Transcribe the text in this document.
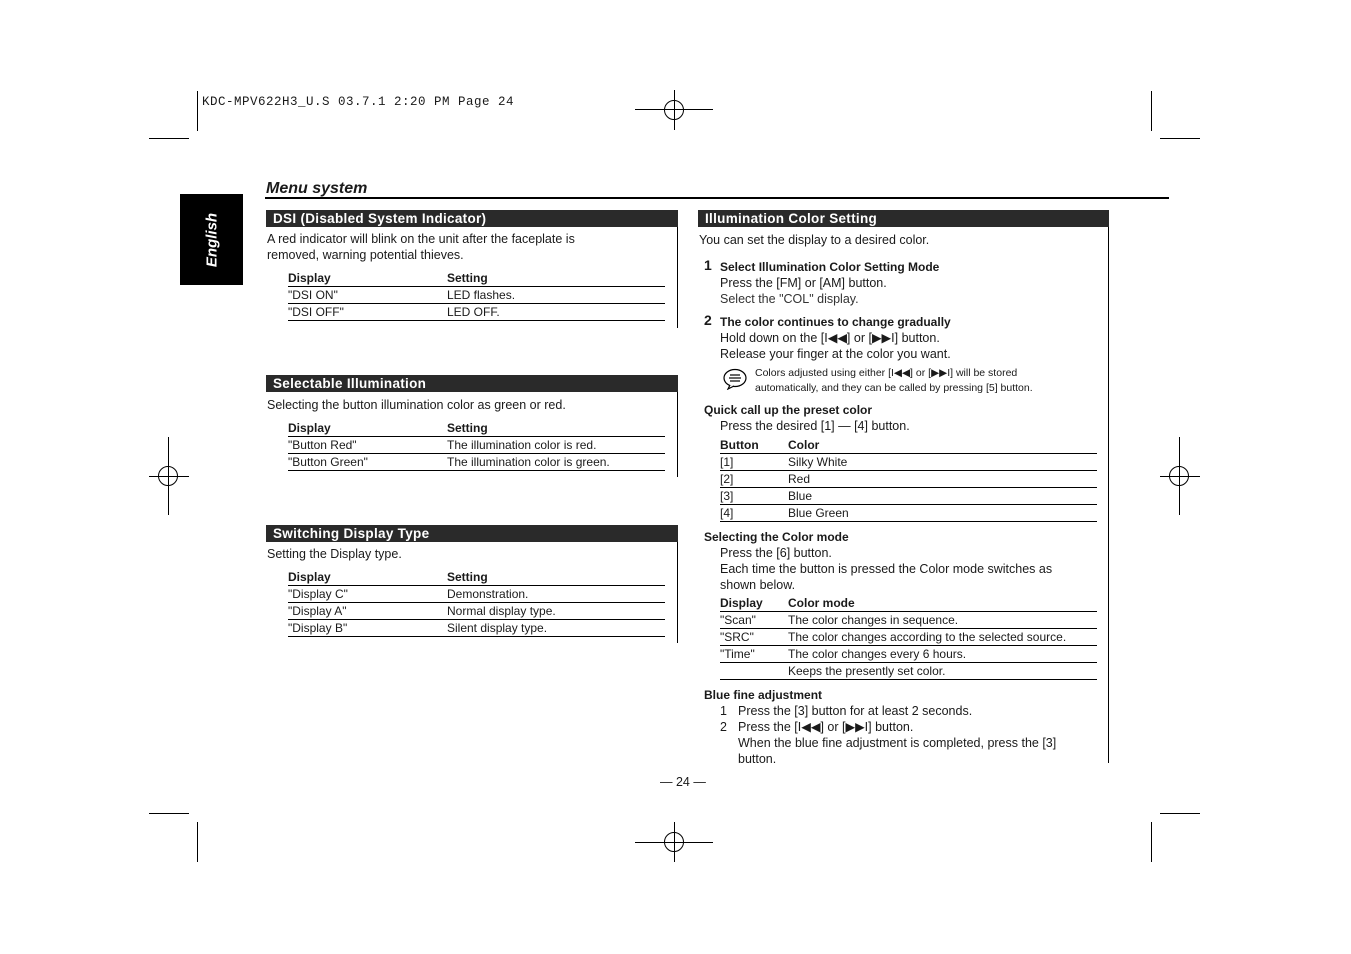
KDC-MPV622H3_U.S 03.7.1 2:20 PM Page 24
English
Menu system
DSI (Disabled System Indicator)
A red indicator will blink on the unit after the faceplate is
removed, warning potential thieves.
Display	Setting
"DSI ON"	LED flashes.
"DSI OFF"	LED OFF.
Selectable Illumination
Selecting the button illumination color as green or red.
Display	Setting
"Button Red"	The illumination color is red.
"Button Green"	The illumination color is green.
Switching Display Type
Setting the Display type.
Display	Setting
"Display C"	Demonstration.
"Display A"	Normal display type.
"Display B"	Silent display type.
Illumination Color Setting
You can set the display to a desired color.
1 Select Illumination Color Setting Mode
Press the [FM] or [AM] button.
Select the "COL" display.
2 The color continues to change gradually
Hold down on the [I◀◀] or [▶▶I] button.
Release your finger at the color you want.
Colors adjusted using either [I◀◀] or [▶▶I] will be stored
automatically, and they can be called by pressing [5] button.
Quick call up the preset color
Press the desired [1] — [4] button.
Button	Color
[1]	Silky White
[2]	Red
[3]	Blue
[4]	Blue Green
Selecting the Color mode
Press the [6] button.
Each time the button is pressed the Color mode switches as
shown below.
Display	Color mode
"Scan"	The color changes in sequence.
"SRC"	The color changes according to the selected source.
"Time"	The color changes every 6 hours.
	Keeps the presently set color.
Blue fine adjustment
1 Press the [3] button for at least 2 seconds.
2 Press the [I◀◀] or [▶▶I] button.
When the blue fine adjustment is completed, press the [3]
button.
— 24 —
